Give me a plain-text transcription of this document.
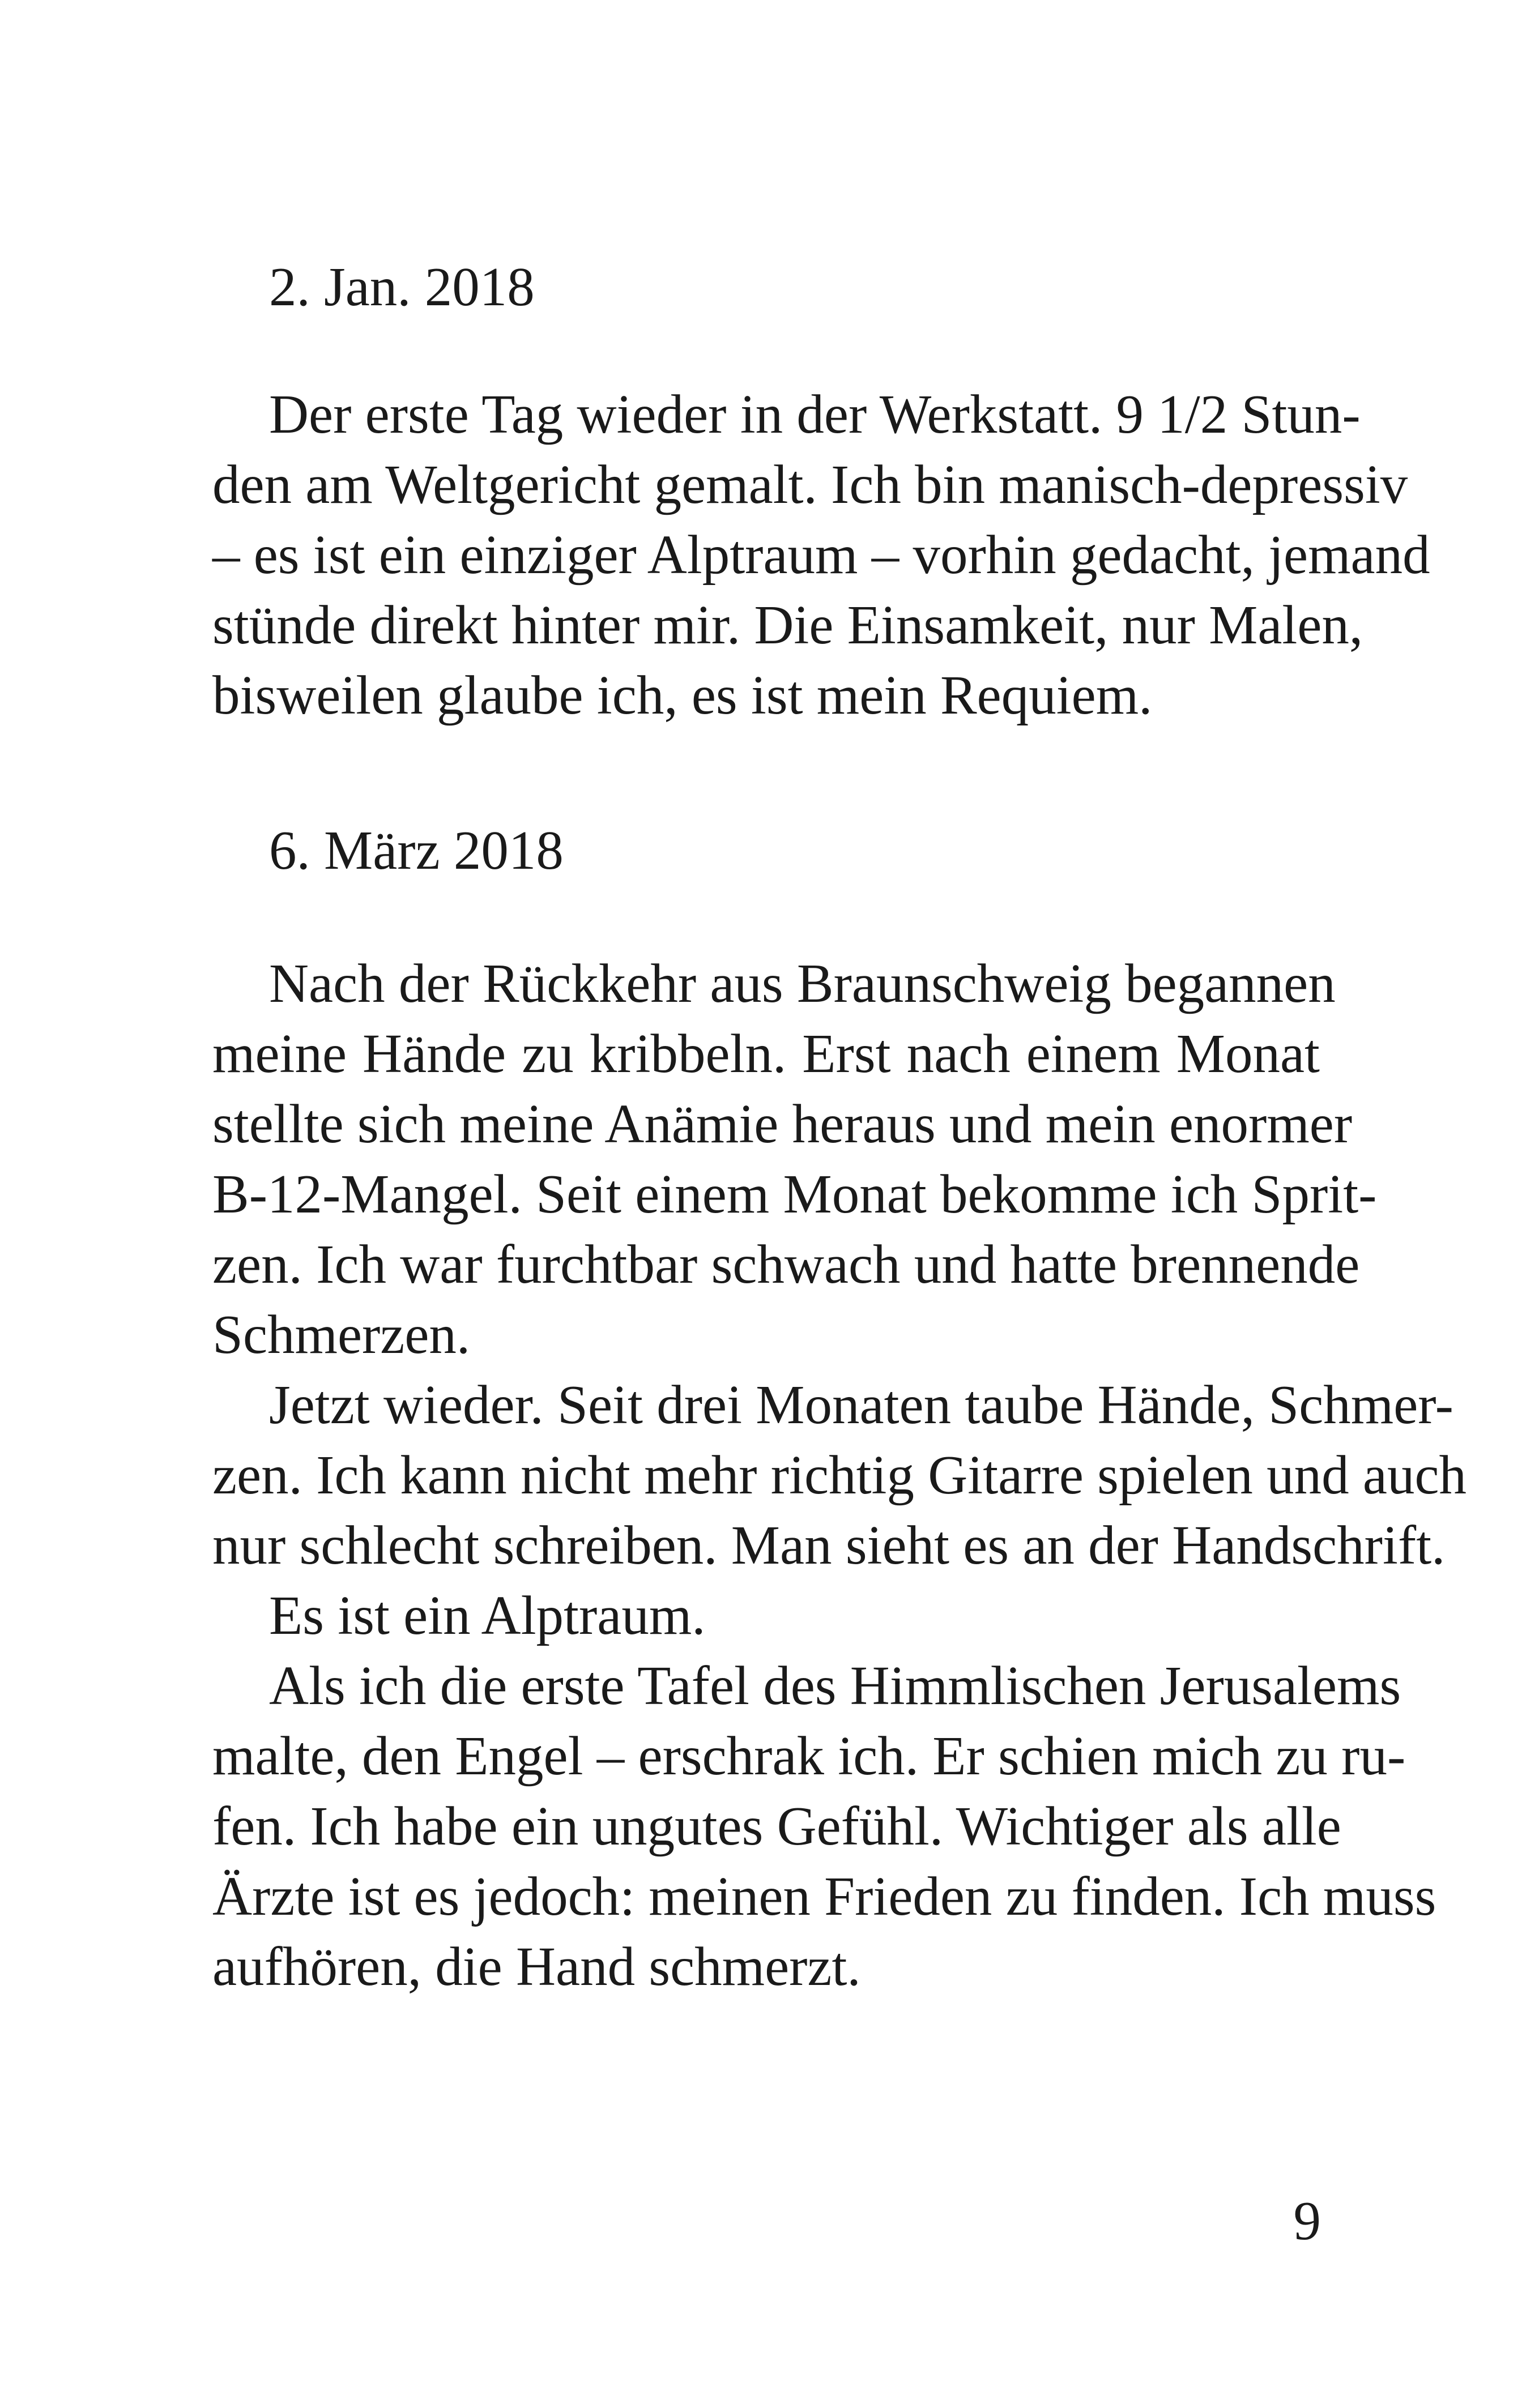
2. Jan. 2018
Der erste Tag wieder in der Werkstatt. 9 1/2 Stun-
den am Weltgericht gemalt. Ich bin manisch-depressiv
– es ist ein einziger Alptraum – vorhin gedacht, jemand
stünde direkt hinter mir. Die Einsamkeit, nur Malen,
bisweilen glaube ich, es ist mein Requiem.
6. März 2018
Nach der Rückkehr aus Braunschweig begannen
meine Hände zu kribbeln. Erst nach einem Monat
stellte sich meine Anämie heraus und mein enormer
B-12-Mangel. Seit einem Monat bekomme ich Sprit-
zen. Ich war furchtbar schwach und hatte brennende
Schmerzen.
Jetzt wieder. Seit drei Monaten taube Hände, Schmer-
zen. Ich kann nicht mehr richtig Gitarre spielen und auch
nur schlecht schreiben. Man sieht es an der Handschrift.
Es ist ein Alptraum.
Als ich die erste Tafel des Himmlischen Jerusalems
malte, den Engel – erschrak ich. Er schien mich zu ru-
fen. Ich habe ein ungutes Gefühl. Wichtiger als alle
Ärzte ist es jedoch: meinen Frieden zu finden. Ich muss
aufhören, die Hand schmerzt.
9
